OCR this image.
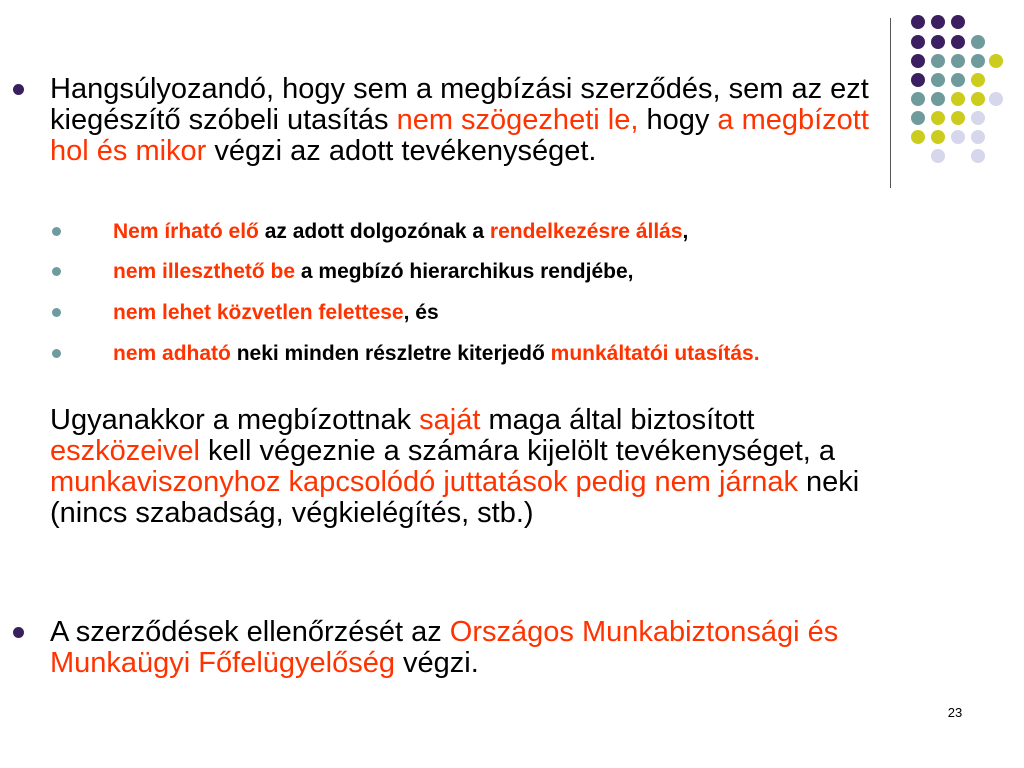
Hangsúlyozandó, hogy sem a megbízási szerződés, sem az ezt kiegészítő szóbeli utasítás nem szögezheti le, hogy a megbízott hol és mikor végzi az adott tevékenységet.
Nem írható elő az adott dolgozónak a rendelkezésre állás,
nem illeszthető be a megbízó hierarchikus rendjébe,
nem lehet közvetlen felettese, és
nem adható neki minden részletre kiterjedő munkáltatói utasítás.
Ugyanakkor a megbízottnak saját maga által biztosított eszközeivel kell végeznie a számára kijelölt tevékenységet, a munkaviszonyhoz kapcsolódó juttatások pedig nem járnak neki (nincs szabadság, végkielégítés, stb.)
A szerződések ellenőrzését az Országos Munkabiztonsági és Munkaügyi Főfelügyelőség végzi.
23
